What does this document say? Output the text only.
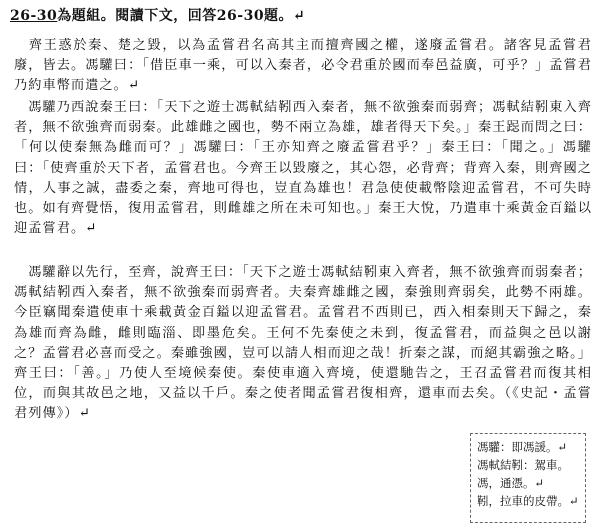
26-30為題組。閱讀下文，回答26-30題。↵
　齊王惑於秦、楚之毀，以為孟嘗君名高其主而擅齊國之權，遂廢孟嘗君。諸客見孟嘗君廢，皆去。馮驩曰：「借臣車一乘，可以入秦者，必令君重於國而奉邑益廣，可乎？」孟嘗君乃約車幣而遣之。↵
　馮驩乃西說秦王曰：「天下之遊士馮軾結靷西入秦者，無不欲強秦而弱齊；馮軾結靷東入齊者，無不欲強齊而弱秦。此雄雌之國也，勢不兩立為雄，雄者得天下矣。」秦王跽而問之曰：「何以使秦無為雌而可？」馮驩曰：「王亦知齊之廢孟嘗君乎？」秦王曰：「聞之。」馮驩曰：「使齊重於天下者，孟嘗君也。今齊王以毀廢之，其心怨，必背齊；背齊入秦，則齊國之情，人事之誠，盡委之秦，齊地可得也，豈直為雄也！君急使使載幣陰迎孟嘗君，不可失時也。如有齊覺悟，復用孟嘗君，則雌雄之所在未可知也。」秦王大悅，乃遣車十乘黃金百鎰以迎孟嘗君。↵
　馮驩辭以先行，至齊，說齊王曰：「天下之遊士馮軾結靷東入齊者，無不欲強齊而弱秦者；馮軾結靷西入秦者，無不欲強秦而弱齊者。夫秦齊雄雌之國，秦強則齊弱矣，此勢不兩雄。今臣竊聞秦遣使車十乘載黃金百鎰以迎孟嘗君。孟嘗君不西則已，西入相秦則天下歸之，秦為雄而齊為雌，雌則臨淄、即墨危矣。王何不先秦使之未到，復孟嘗君，而益與之邑以謝之？孟嘗君必喜而受之。秦雖強國，豈可以請人相而迎之哉！折秦之謀，而絕其霸強之略。」齊王曰：「善。」乃使人至境候秦使。秦使車適入齊境，使還馳告之，王召孟嘗君而復其相位，而與其故邑之地，又益以千戶。秦之使者聞孟嘗君復相齊，還車而去矣。（《史記・孟嘗君列傳》）↵
馮驩：即馮諼。↵
馮軾結靷：駕車。
馮，通憑。↵
靷，拉車的皮帶。↵
